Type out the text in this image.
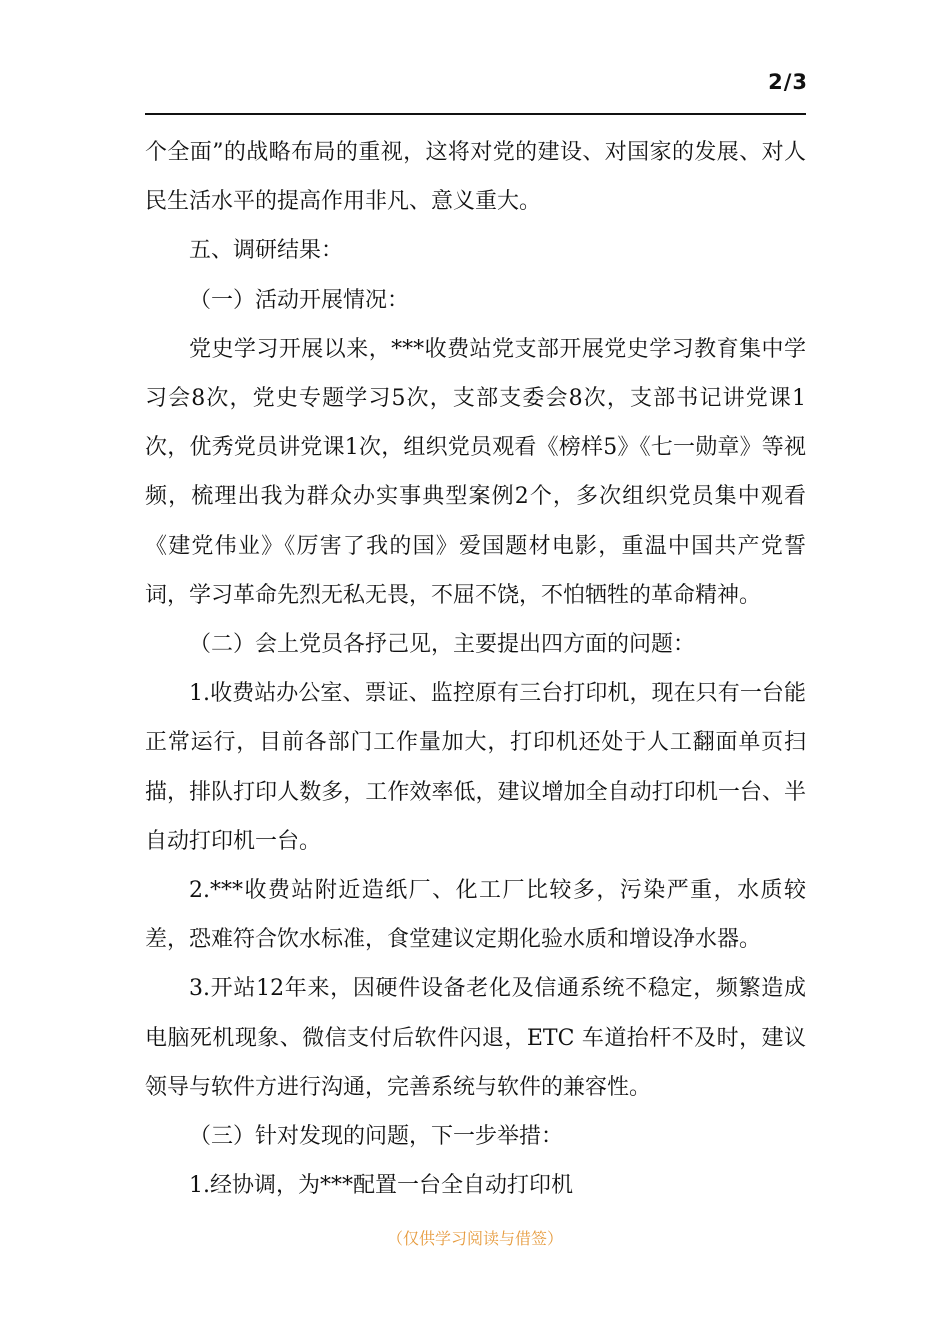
2/3

个全面”的战略布局的重视，这将对党的建设、对国家的发展、对人民生活水平的提高作用非凡、意义重大。

五、调研结果：

（一）活动开展情况：

党史学习开展以来，***收费站党支部开展党史学习教育集中学习会8次，党史专题学习5次，支部支委会8次，支部书记讲党课1次，优秀党员讲党课1次，组织党员观看《榜样5》《七一勋章》等视频，梳理出我为群众办实事典型案例2个，多次组织党员集中观看《建党伟业》《厉害了我的国》爱国题材电影，重温中国共产党誓词，学习革命先烈无私无畏，不屈不饶，不怕牺牲的革命精神。

（二）会上党员各抒己见，主要提出四方面的问题：

1.收费站办公室、票证、监控原有三台打印机，现在只有一台能正常运行，目前各部门工作量加大，打印机还处于人工翻面单页扫描，排队打印人数多，工作效率低，建议增加全自动打印机一台、半自动打印机一台。

2.***收费站附近造纸厂、化工厂比较多，污染严重，水质较差，恐难符合饮水标准，食堂建议定期化验水质和增设净水器。

3.开站12年来，因硬件设备老化及信通系统不稳定，频繁造成电脑死机现象、微信支付后软件闪退，ETC 车道抬杆不及时，建议领导与软件方进行沟通，完善系统与软件的兼容性。

（三）针对发现的问题，下一步举措：

1.经协调，为***配置一台全自动打印机

（仅供学习阅读与借签）
